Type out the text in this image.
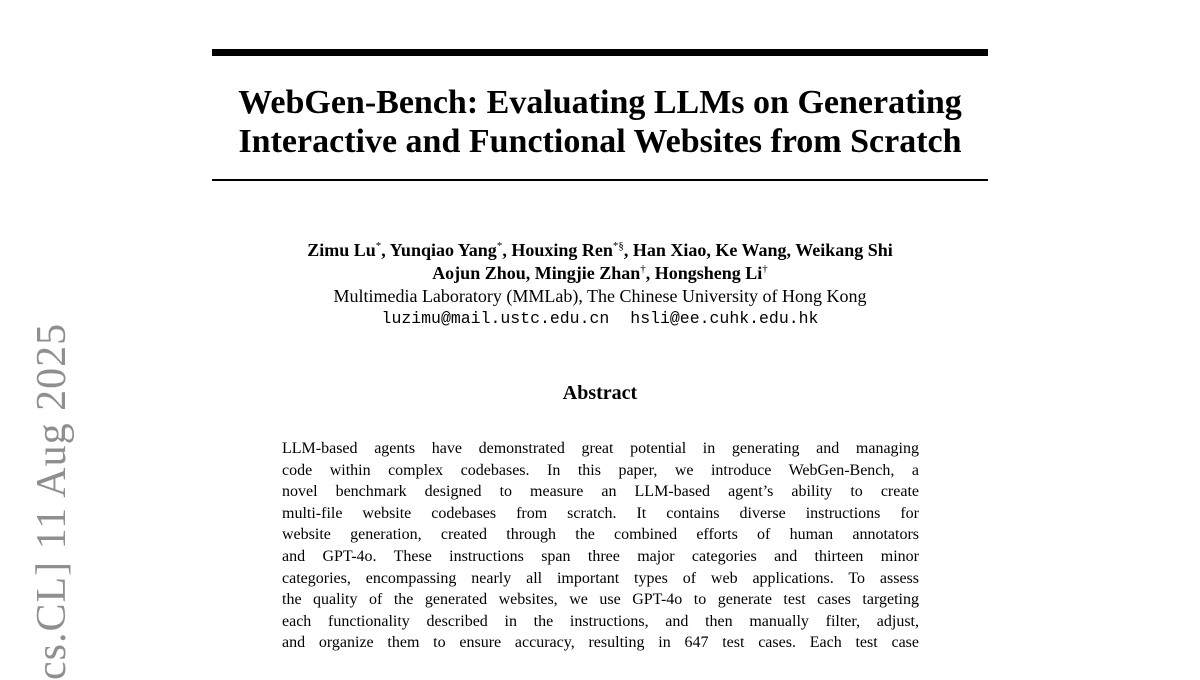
cs.CL] 11 Aug 2025
WebGen-Bench: Evaluating LLMs on Generating
Interactive and Functional Websites from Scratch
Zimu Lu*, Yunqiao Yang*, Houxing Ren*§, Han Xiao, Ke Wang, Weikang Shi
Aojun Zhou, Mingjie Zhan†, Hongsheng Li†
Multimedia Laboratory (MMLab), The Chinese University of Hong Kong
luzimu@mail.ustc.edu.cn hsli@ee.cuhk.edu.hk
Abstract
LLM-based agents have demonstrated great potential in generating and managing
code within complex codebases. In this paper, we introduce WebGen-Bench, a
novel benchmark designed to measure an LLM-based agent’s ability to create
multi-file website codebases from scratch. It contains diverse instructions for
website generation, created through the combined efforts of human annotators
and GPT-4o. These instructions span three major categories and thirteen minor
categories, encompassing nearly all important types of web applications. To assess
the quality of the generated websites, we use GPT-4o to generate test cases targeting
each functionality described in the instructions, and then manually filter, adjust,
and organize them to ensure accuracy, resulting in 647 test cases. Each test case
